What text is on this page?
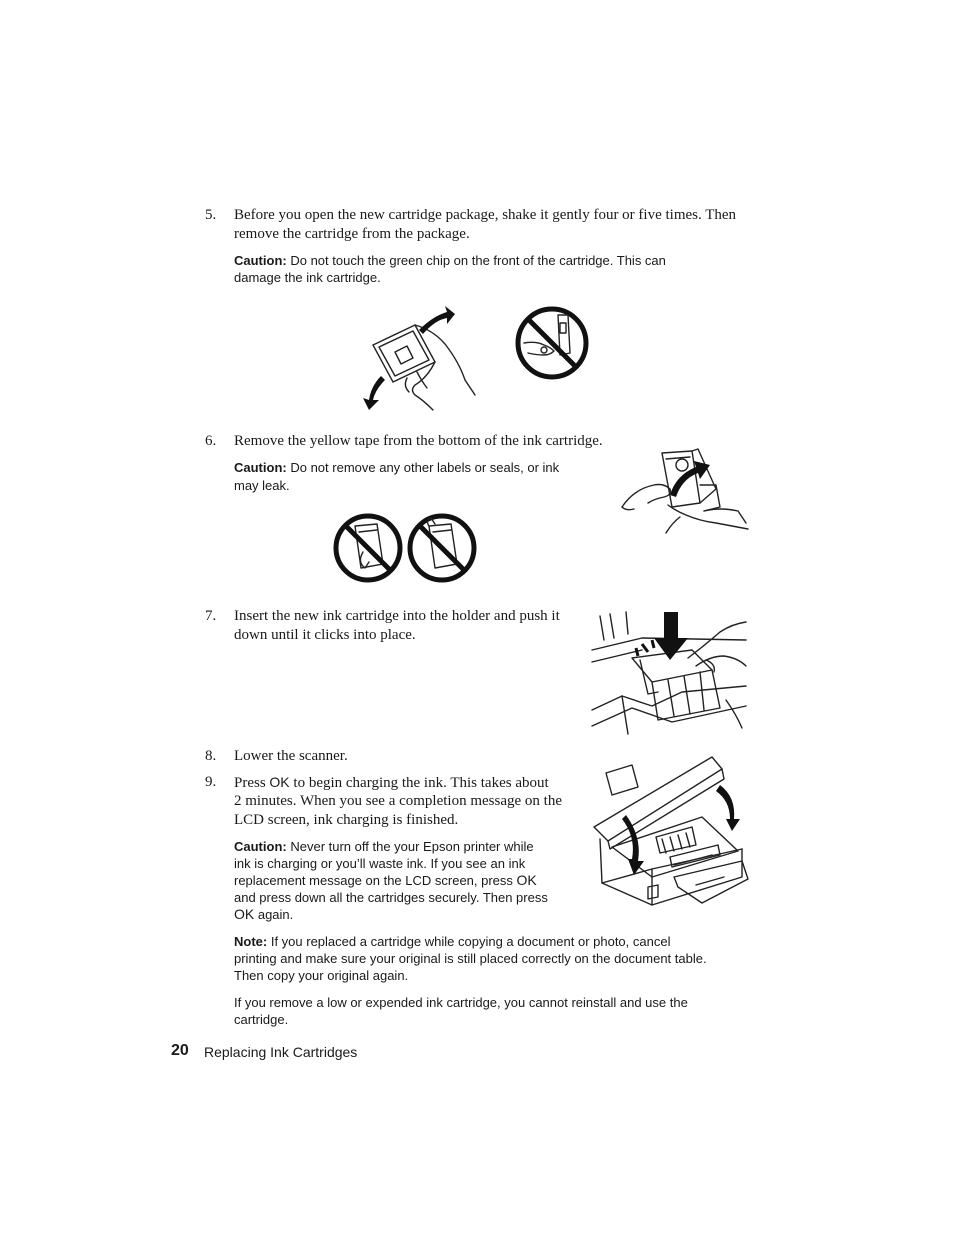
5. Before you open the new cartridge package, shake it gently four or five times. Then
remove the cartridge from the package.
Caution: Do not touch the green chip on the front of the cartridge. This can
damage the ink cartridge.
6. Remove the yellow tape from the bottom of the ink cartridge.
Caution: Do not remove any other labels or seals, or ink
may leak.
7. Insert the new ink cartridge into the holder and push it
down until it clicks into place.
8. Lower the scanner.
9. Press OK to begin charging the ink. This takes about
2 minutes. When you see a completion message on the
LCD screen, ink charging is finished.
Caution: Never turn off the your Epson printer while
ink is charging or you’ll waste ink. If you see an ink
replacement message on the LCD screen, press OK
and press down all the cartridges securely. Then press
OK again.
Note: If you replaced a cartridge while copying a document or photo, cancel
printing and make sure your original is still placed correctly on the document table.
Then copy your original again.
If you remove a low or expended ink cartridge, you cannot reinstall and use the
cartridge.
20 Replacing Ink Cartridges
